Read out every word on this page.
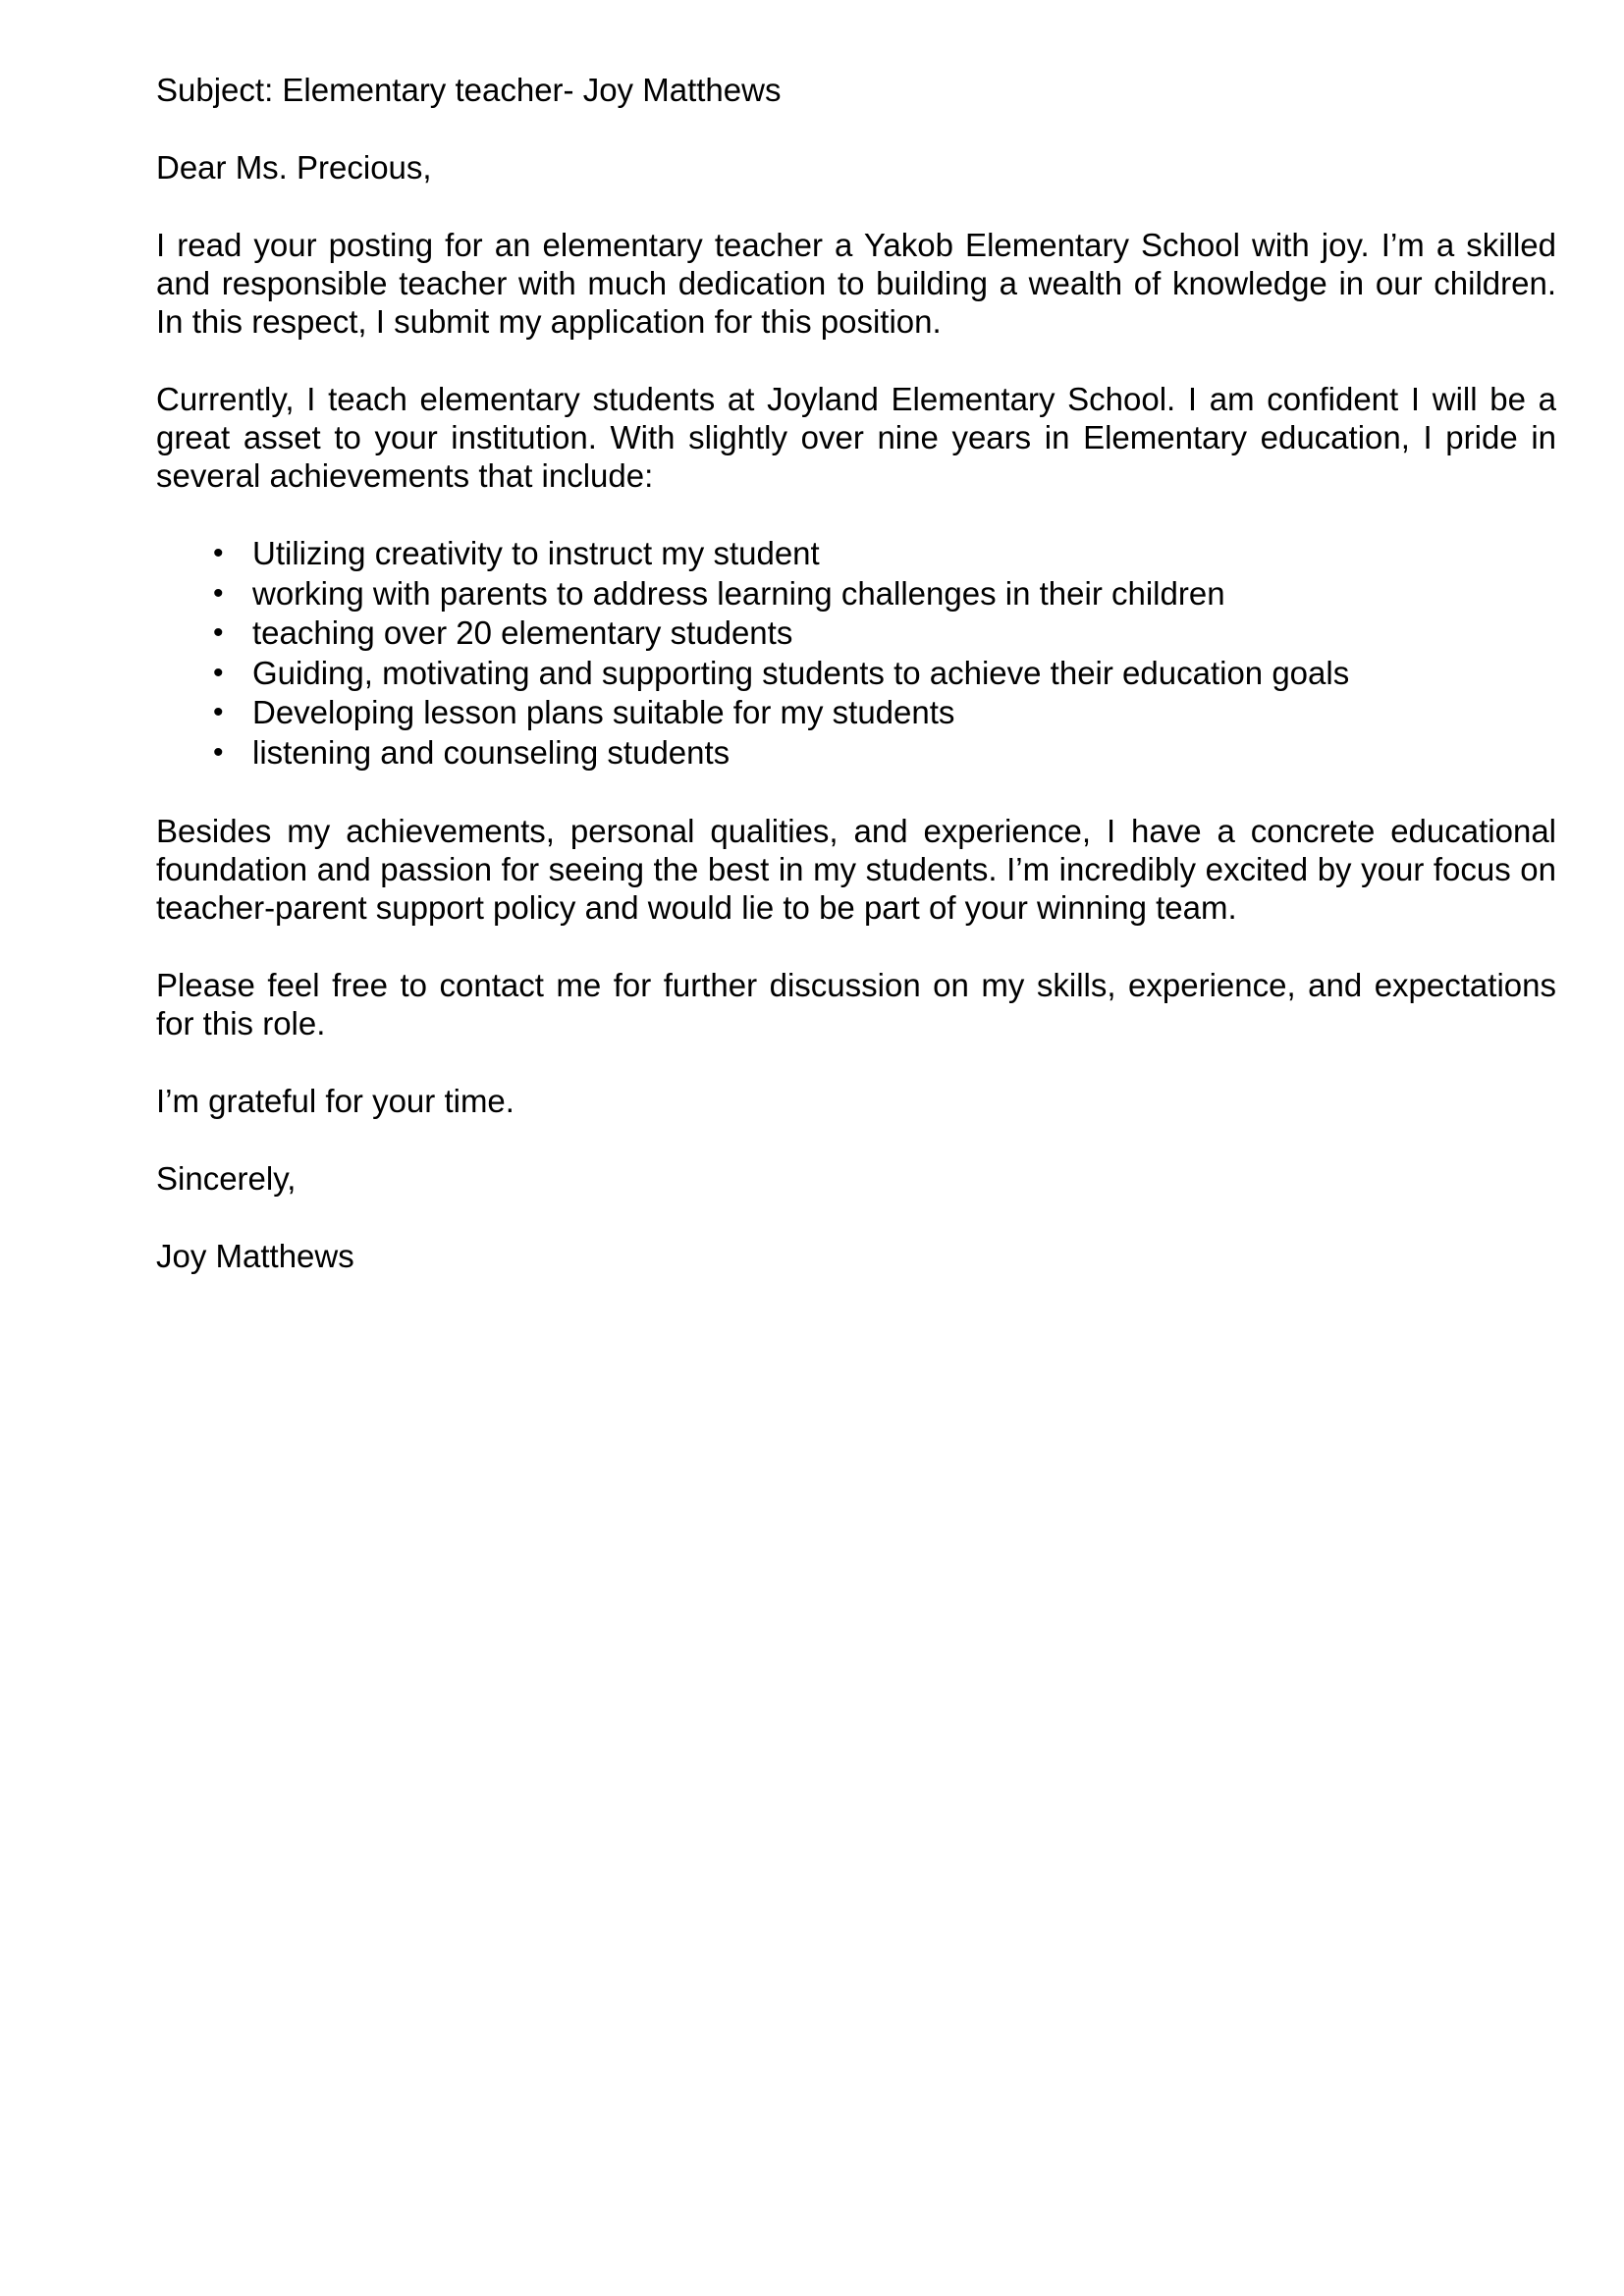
Subject: Elementary teacher- Joy Matthews

Dear Ms. Precious,

I read your posting for an elementary teacher a Yakob Elementary School with joy. I’m a skilled and responsible teacher with much dedication to building a wealth of knowledge in our children. In this respect, I submit my application for this position.

Currently, I teach elementary students at Joyland Elementary School. I am confident I will be a great asset to your institution. With slightly over nine years in Elementary education, I pride in several achievements that include:

• Utilizing creativity to instruct my student
• working with parents to address learning challenges in their children
• teaching over 20 elementary students
• Guiding, motivating and supporting students to achieve their education goals
• Developing lesson plans suitable for my students
• listening and counseling students

Besides my achievements, personal qualities, and experience, I have a concrete educational foundation and passion for seeing the best in my students. I’m incredibly excited by your focus on teacher-parent support policy and would lie to be part of your winning team.

Please feel free to contact me for further discussion on my skills, experience, and expectations for this role.

I’m grateful for your time.

Sincerely,

Joy Matthews
